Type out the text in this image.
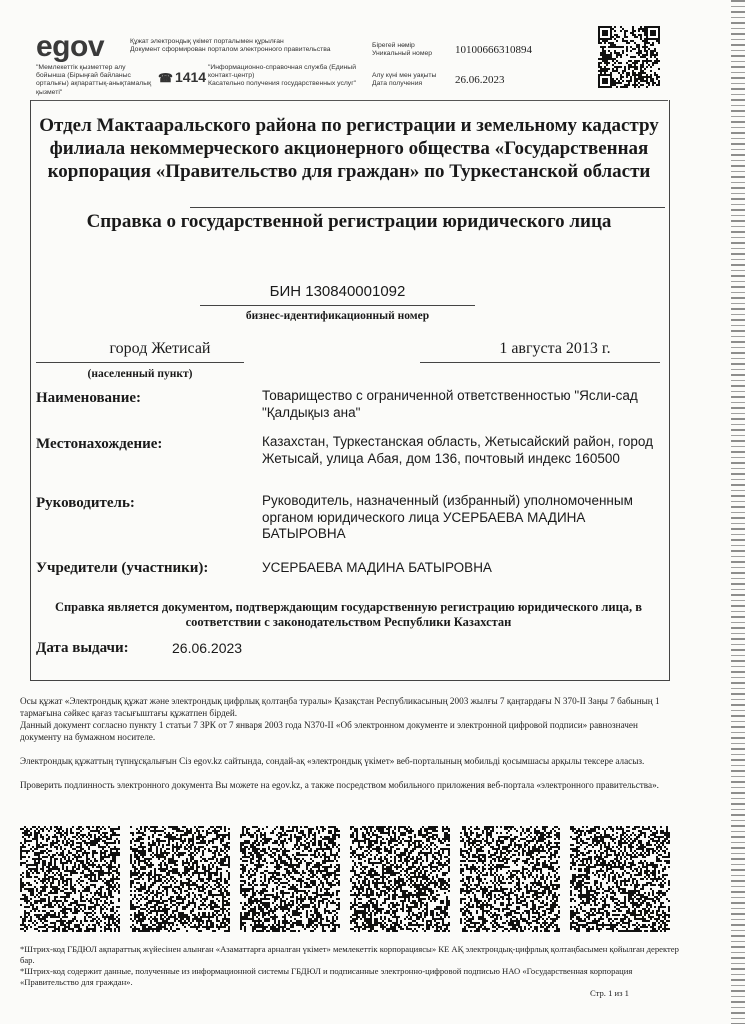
egov
"Мемлекеттік қызметтер алу бойынша (Бірыңғай байланыс орталығы) ақпараттық-анықтамалық қызметі"
Құжат электрондық үкімет порталымен құрылған
Документ сформирован порталом электронного правительства
☎ 1414
"Информационно-справочная служба (Единый контакт-центр)
Касательно получения государственных услуг"
Бірегей нөмір
Уникальный номер 10100666310894
Алу күні мен уақыты
Дата получения	26.06.2023
Отдел Мактааральского района по регистрации и земельному кадастру филиала некоммерческого акционерного общества «Государственная корпорация «Правительство для граждан» по Туркестанской области
Справка о государственной регистрации юридического лица
БИН 130840001092
бизнес-идентификационный номер
город Жетисай	1 августа 2013 г.
(населенный пункт)
Наименование:	Товарищество с ограниченной ответственностью "Ясли-сад "Қалдықыз ана"
Местонахождение:	Казахстан, Туркестанская область, Жетысайский район, город Жетысай, улица Абая, дом 136, почтовый индекс 160500
Руководитель:	Руководитель, назначенный (избранный) уполномоченным органом юридического лица УСЕРБАЕВА МАДИНА БАТЫРОВНА
Учредители (участники):	УСЕРБАЕВА МАДИНА БАТЫРОВНА
Справка является документом, подтверждающим государственную регистрацию юридического лица, в соответствии с законодательством Республики Казахстан
Дата выдачи:	26.06.2023
Осы құжат «Электрондық құжат және электрондық цифрлық қолтаңба туралы» Қазақстан Республикасының 2003 жылғы 7 қаңтардағы N 370-II Заңы 7 бабының 1 тармағына сәйкес қағаз тасығыштағы құжатпен бірдей.
Данный документ согласно пункту 1 статьи 7 ЗРК от 7 января 2003 года N370-II «Об электронном документе и электронной цифровой подписи» равнозначен документу на бумажном носителе.
Электрондық құжаттың түпнұсқалығын Сіз egov.kz сайтында, сондай-ақ «электрондық үкімет» веб-порталының мобильді қосымшасы арқылы тексере аласыз.
Проверить подлинность электронного документа Вы можете на egov.kz, а также посредством мобильного приложения веб-портала «электронного правительства».
*Штрих-код ГБДЮЛ ақпараттық жүйесінен алынған «Азаматтарға арналған үкімет» мемлекеттік корпорациясы» КЕ АҚ электрондық-цифрлық қолтаңбасымен қойылған деректер бар.
*Штрих-код содержит данные, полученные из информационной системы ГБДЮЛ и подписанные электронно-цифровой подписью НАО «Государственная корпорация «Правительство для граждан».
Стр. 1 из 1
